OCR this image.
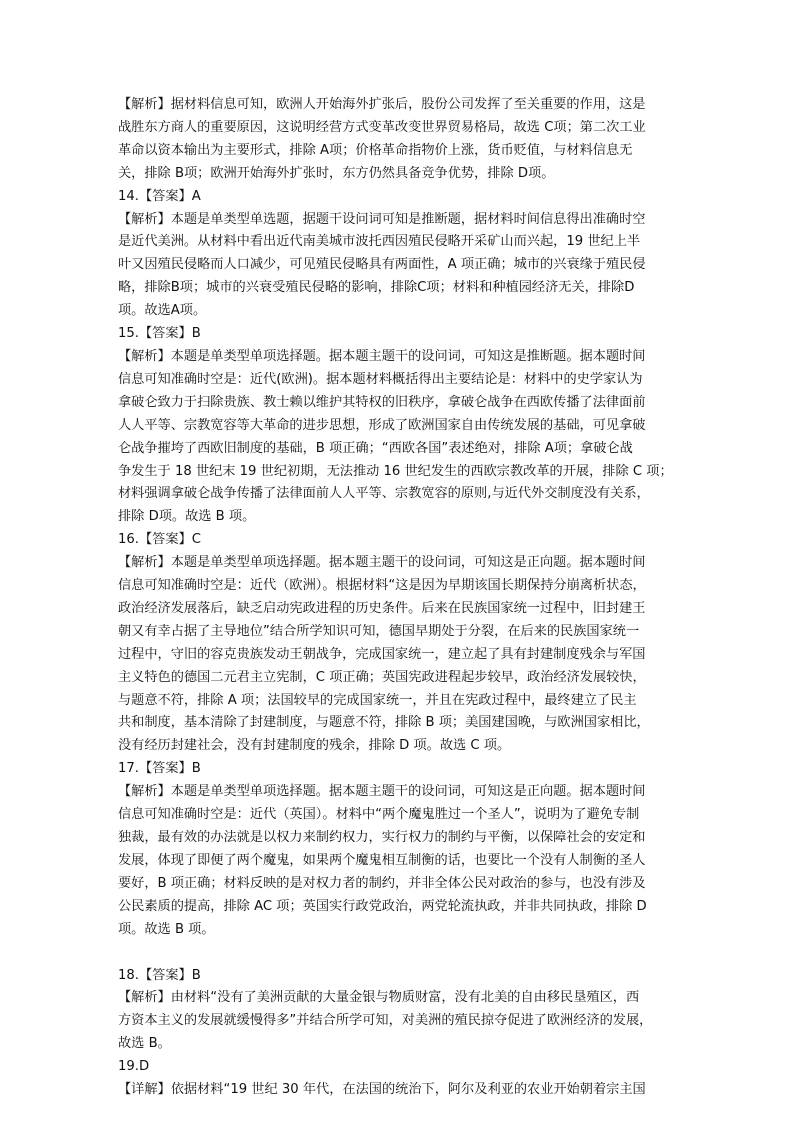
【解析】据材料信息可知，欧洲人开始海外扩张后，股份公司发挥了至关重要的作用，这是
战胜东方商人的重要原因，这说明经营方式变革改变世界贸易格局，故选 C项；第二次工业
革命以资本输出为主要形式，排除 A项；价格革命指物价上涨，货币贬值，与材料信息无
关，排除 B项；欧洲开始海外扩张时，东方仍然具备竞争优势，排除 D项。
14.【答案】A
【解析】本题是单类型单选题，据题干设问词可知是推断题，据材料时间信息得出准确时空
是近代美洲。从材料中看出近代南美城市波托西因殖民侵略开采矿山而兴起，19 世纪上半
叶又因殖民侵略而人口减少，可见殖民侵略具有两面性，A 项正确；城市的兴衰缘于殖民侵
略，排除B项；城市的兴衰受殖民侵略的影响，排除C项；材料和种植园经济无关，排除D
项。故选A项。
15.【答案】B
【解析】本题是单类型单项选择题。据本题主题干的设问词，可知这是推断题。据本题时间
信息可知准确时空是：近代(欧洲)。据本题材料概括得出主要结论是：材料中的史学家认为
拿破仑致力于扫除贵族、教士赖以维护其特权的旧秩序，拿破仑战争在西欧传播了法律面前
人人平等、宗教宽容等大革命的进步思想，形成了欧洲国家自由传统发展的基础，可见拿破
仑战争摧垮了西欧旧制度的基础，B 项正确；“西欧各国”表述绝对，排除 A项；拿破仑战
争发生于 18 世纪末 19 世纪初期，无法推动 16 世纪发生的西欧宗教改革的开展，排除 C 项；
材料强调拿破仑战争传播了法律面前人人平等、宗教宽容的原则,与近代外交制度没有关系，
排除 D项。故选 B 项。
16.【答案】C
【解析】本题是单类型单项选择题。据本题主题干的设问词，可知这是正向题。据本题时间
信息可知准确时空是：近代（欧洲）。根据材料“这是因为早期该国长期保持分崩离析状态，
政治经济发展落后，缺乏启动宪政进程的历史条件。后来在民族国家统一过程中，旧封建王
朝又有幸占据了主导地位”结合所学知识可知，德国早期处于分裂，在后来的民族国家统一
过程中，守旧的容克贵族发动王朝战争，完成国家统一，建立起了具有封建制度残余与军国
主义特色的德国二元君主立宪制，C 项正确；英国宪政进程起步较早，政治经济发展较快，
与题意不符，排除 A 项；法国较早的完成国家统一，并且在宪政过程中，最终建立了民主
共和制度，基本清除了封建制度，与题意不符，排除 B 项；美国建国晚，与欧洲国家相比，
没有经历封建社会，没有封建制度的残余，排除 D 项。故选 C 项。
17.【答案】B
【解析】本题是单类型单项选择题。据本题主题干的设问词，可知这是正向题。据本题时间
信息可知准确时空是：近代（英国）。材料中“两个魔鬼胜过一个圣人”，说明为了避免专制
独裁，最有效的办法就是以权力来制约权力，实行权力的制约与平衡，以保障社会的安定和
发展，体现了即便了两个魔鬼，如果两个魔鬼相互制衡的话，也要比一个没有人制衡的圣人
要好，B 项正确；材料反映的是对权力者的制约，并非全体公民对政治的参与，也没有涉及
公民素质的提高，排除 AC 项；英国实行政党政治，两党轮流执政，并非共同执政，排除 D
项。故选 B 项。
18.【答案】B
【解析】由材料“没有了美洲贡献的大量金银与物质财富，没有北美的自由移民垦殖区，西
方资本主义的发展就缓慢得多”并结合所学可知，对美洲的殖民掠夺促进了欧洲经济的发展，
故选 B。
19.D
【详解】依据材料“19 世纪 30 年代，在法国的统治下，阿尔及利亚的农业开始朝着宗主国
